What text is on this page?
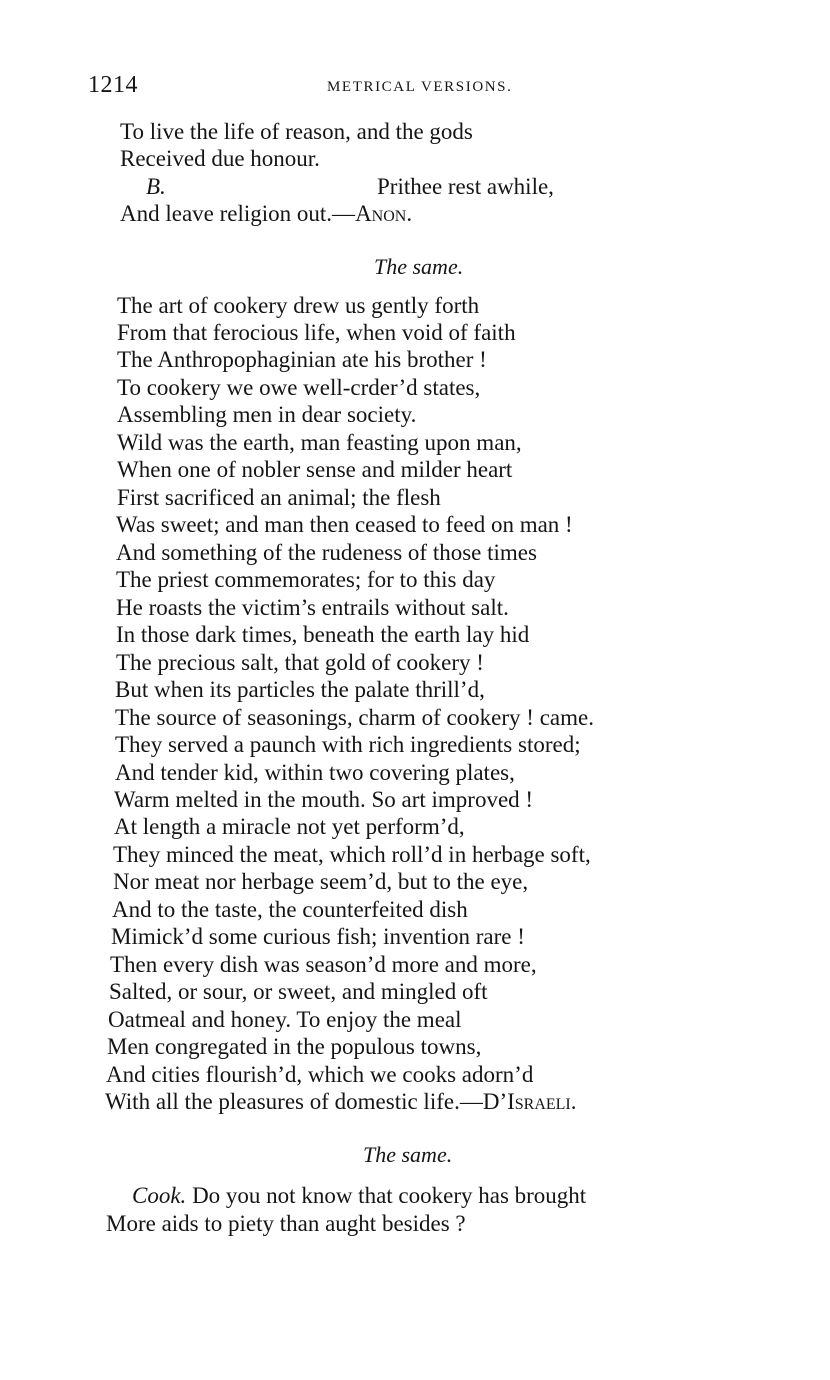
1214	METRICAL VERSIONS.
To live the life of reason, and the gods
Received due honour.
B.	Prithee rest awhile,
And leave religion out.—Anon.
The same.
The art of cookery drew us gently forth
From that ferocious life, when void of faith
The Anthropophaginian ate his brother !
To cookery we owe well-crder’d states,
Assembling men in dear society.
Wild was the earth, man feasting upon man,
When one of nobler sense and milder heart
First sacrificed an animal; the flesh
Was sweet; and man then ceased to feed on man !
And something of the rudeness of those times
The priest commemorates; for to this day
He roasts the victim’s entrails without salt.
In those dark times, beneath the earth lay hid
The precious salt, that gold of cookery !
But when its particles the palate thrill’d,
The source of seasonings, charm of cookery ! came.
They served a paunch with rich ingredients stored;
And tender kid, within two covering plates,
Warm melted in the mouth. So art improved !
At length a miracle not yet perform’d,
They minced the meat, which roll’d in herbage soft,
Nor meat nor herbage seem’d, but to the eye,
And to the taste, the counterfeited dish
Mimick’d some curious fish; invention rare !
Then every dish was season’d more and more,
Salted, or sour, or sweet, and mingled oft
Oatmeal and honey. To enjoy the meal
Men congregated in the populous towns,
And cities flourish’d, which we cooks adorn’d
With all the pleasures of domestic life.—D’Israeli.
The same.
Cook. Do you not know that cookery has brought
More aids to piety than aught besides ?
